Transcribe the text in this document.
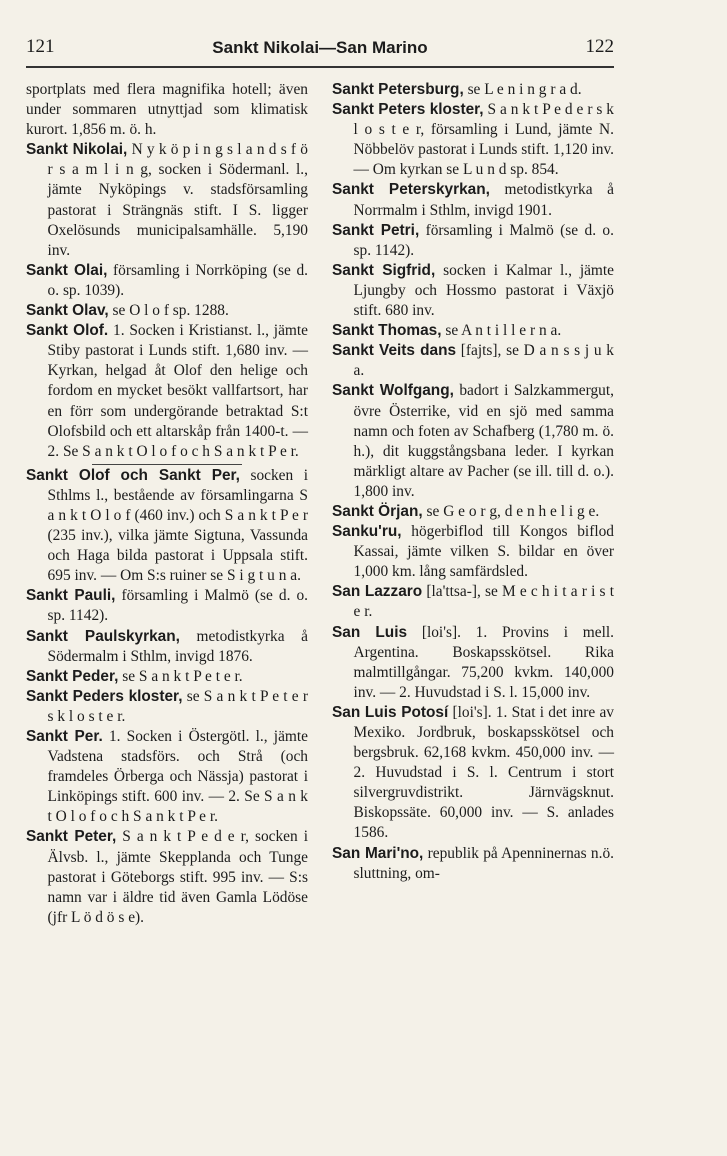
121	Sankt Nikolai—San Marino	122

sportplats med flera magnifika hotell; även under sommaren utnyttjad som klimatisk kurort. 1,856 m. ö. h.

Sankt Nikolai, N y k ö p i n g s l a n d s f ö r s a m l i n g, socken i Södermanl. l., jämte Nyköpings v. stadsförsamling pastorat i Strängnäs stift. I S. ligger Oxelösunds municipalsamhälle. 5,190 inv.

Sankt Olai, församling i Norrköping (se d. o. sp. 1039).

Sankt Olav, se O l o f sp. 1288.

Sankt Olof. 1. Socken i Kristianst. l., jämte Stiby pastorat i Lunds stift. 1,680 inv. — Kyrkan, helgad åt Olof den helige och fordom en mycket besökt vallfartsort, har en förr som undergörande betraktad S:t Olofsbild och ett altarskåp från 1400-t. — 2. Se S a n k t O l o f o c h S a n k t P e r.

Sankt Olof och Sankt Per, socken i Sthlms l., bestående av församlingarna S a n k t O l o f (460 inv.) och S a n k t P e r (235 inv.), vilka jämte Sigtuna, Vassunda och Haga bilda pastorat i Uppsala stift. 695 inv. — Om S:s ruiner se S i g t u n a.

Sankt Pauli, församling i Malmö (se d. o. sp. 1142).

Sankt Paulskyrkan, metodistkyrka å Södermalm i Sthlm, invigd 1876.

Sankt Peder, se S a n k t P e t e r.

Sankt Peders kloster, se S a n k t P e t e r s k l o s t e r.

Sankt Per. 1. Socken i Östergötl. l., jämte Vadstena stadsförs. och Strå (och framdeles Örberga och Nässja) pastorat i Linköpings stift. 600 inv. — 2. Se S a n k t O l o f o c h S a n k t P e r.

Sankt Peter, S a n k t P e d e r, socken i Älvsb. l., jämte Skepplanda och Tunge pastorat i Göteborgs stift. 995 inv. — S:s namn var i äldre tid även Gamla Lödöse (jfr L ö d ö s e).

Sankt Petersburg, se L e n i n g r a d.

Sankt Peters kloster, S a n k t P e d e r s k l o s t e r, församling i Lund, jämte N. Nöbbelöv pastorat i Lunds stift. 1,120 inv. — Om kyrkan se L u n d sp. 854.

Sankt Peterskyrkan, metodistkyrka å Norrmalm i Sthlm, invigd 1901.

Sankt Petri, församling i Malmö (se d. o. sp. 1142).

Sankt Sigfrid, socken i Kalmar l., jämte Ljungby och Hossmo pastorat i Växjö stift. 680 inv.

Sankt Thomas, se A n t i l l e r n a.

Sankt Veits dans [fajts], se D a n s s j u k a.

Sankt Wolfgang, badort i Salzkammergut, övre Österrike, vid en sjö med samma namn och foten av Schafberg (1,780 m. ö. h.), dit kuggstångsbana leder. I kyrkan märkligt altare av Pacher (se ill. till d. o.). 1,800 inv.

Sankt Örjan, se G e o r g, d e n h e l i g e.

Sanku'ru, högerbiflod till Kongos biflod Kassai, jämte vilken S. bildar en över 1,000 km. lång samfärdsled.

San Lazzaro [la'ttsa-], se M e c h i t a r i s t e r.

San Luis [loi's]. 1. Provins i mell. Argentina. Boskapsskötsel. Rika malmtillgångar. 75,200 kvkm. 140,000 inv. — 2. Huvudstad i S. l. 15,000 inv.

San Luis Potosí [loi's]. 1. Stat i det inre av Mexiko. Jordbruk, boskapsskötsel och bergsbruk. 62,168 kvkm. 450,000 inv. — 2. Huvudstad i S. l. Centrum i stort silvergruvdistrikt. Järnvägsknut. Biskopssäte. 60,000 inv. — S. anlades 1586.

San Mari'no, republik på Apenninernas n.ö. sluttning, om-
